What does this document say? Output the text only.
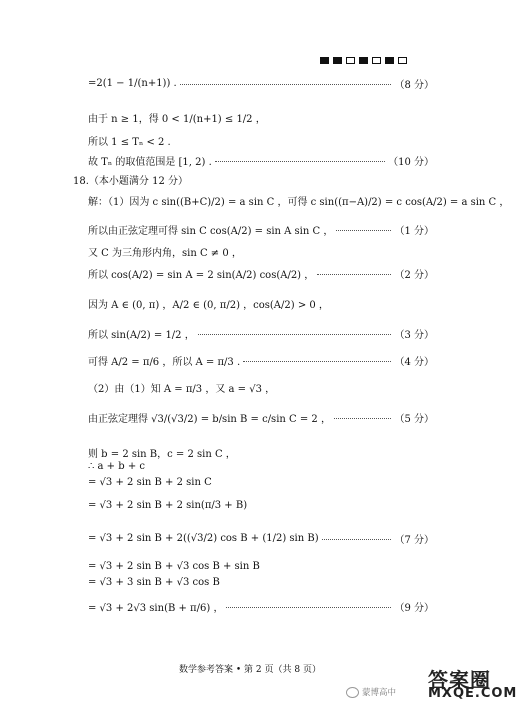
=2(1 − 1/(n+1)) .	（8 分）
由于 n ≥ 1，得 0 < 1/(n+1) ≤ 1/2 ，
所以 1 ≤ Tₙ < 2 .
故 Tₙ 的取值范围是 [1, 2) .	（10 分）
18.（本小题满分 12 分）
解：（1）因为 c sin((B+C)/2) = a sin C ，可得 c sin((π−A)/2) = c cos(A/2) = a sin C ，
所以由正弦定理可得 sin C cos(A/2) = sin A sin C ，	（1 分）
又 C 为三角形内角，sin C ≠ 0 ，
所以 cos(A/2) = sin A = 2 sin(A/2) cos(A/2) ，	（2 分）
因为 A ∈ (0, π) ，A/2 ∈ (0, π/2) ，cos(A/2) > 0 ，
所以 sin(A/2) = 1/2 ，	（3 分）
可得 A/2 = π/6 ，所以 A = π/3 .	（4 分）
（2）由（1）知 A = π/3 ，又 a = √3 ，
由正弦定理得 √3/(√3/2) = b/sin B = c/sin C = 2 ，	（5 分）
则 b = 2 sin B，c = 2 sin C ，
∴ a + b + c
= √3 + 2 sin B + 2 sin C
= √3 + 2 sin B + 2 sin(π/3 + B)
= √3 + 2 sin B + 2((√3/2) cos B + (1/2) sin B)	（7 分）
= √3 + 2 sin B + √3 cos B + sin B
= √3 + 3 sin B + √3 cos B
= √3 + 2√3 sin(B + π/6) ，	（9 分）
数学参考答案 • 第 2 页（共 8 页）
蒙博高中
答案圈
MXQE.COM
